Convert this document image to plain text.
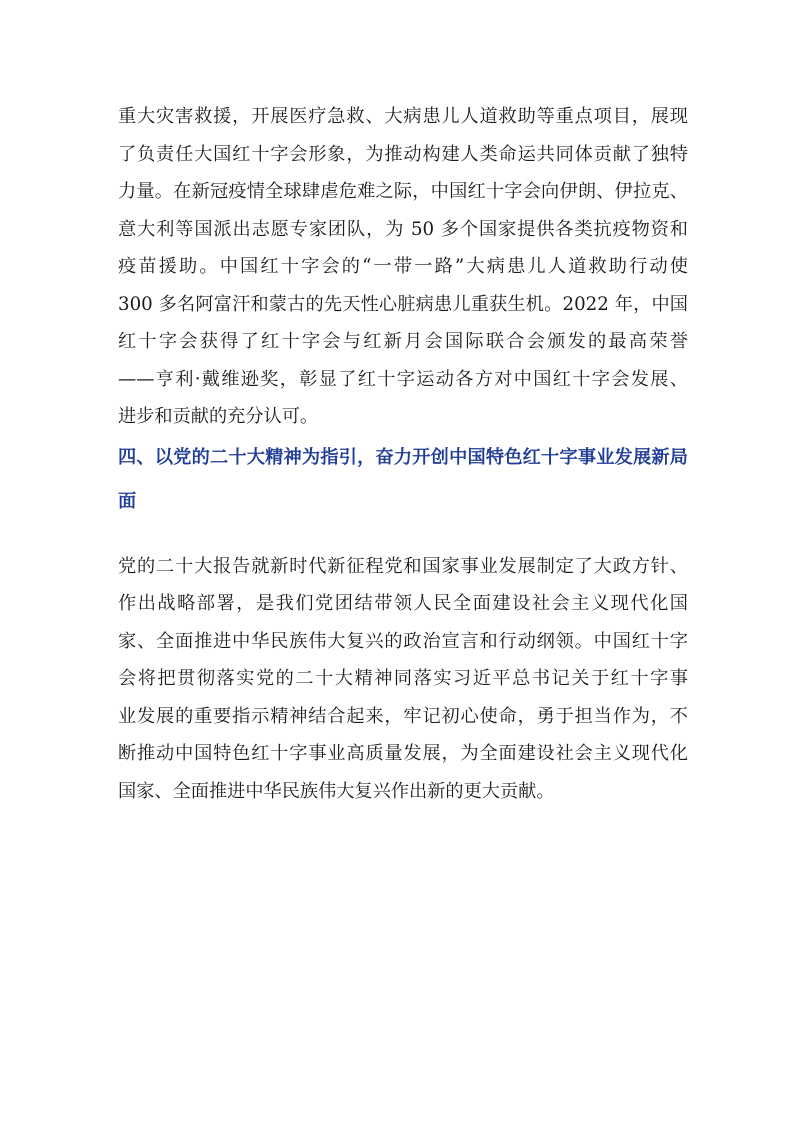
重大灾害救援，开展医疗急救、大病患儿人道救助等重点项目，展现
了负责任大国红十字会形象，为推动构建人类命运共同体贡献了独特
力量。在新冠疫情全球肆虐危难之际，中国红十字会向伊朗、伊拉克、
意大利等国派出志愿专家团队，为 50 多个国家提供各类抗疫物资和
疫苗援助。中国红十字会的“一带一路”大病患儿人道救助行动使
300 多名阿富汗和蒙古的先天性心脏病患儿重获生机。2022 年，中国
红十字会获得了红十字会与红新月会国际联合会颁发的最高荣誉
——亨利·戴维逊奖，彰显了红十字运动各方对中国红十字会发展、
进步和贡献的充分认可。

四、以党的二十大精神为指引，奋力开创中国特色红十字事业发展新局
面

党的二十大报告就新时代新征程党和国家事业发展制定了大政方针、
作出战略部署，是我们党团结带领人民全面建设社会主义现代化国
家、全面推进中华民族伟大复兴的政治宣言和行动纲领。中国红十字
会将把贯彻落实党的二十大精神同落实习近平总书记关于红十字事
业发展的重要指示精神结合起来，牢记初心使命，勇于担当作为，不
断推动中国特色红十字事业高质量发展，为全面建设社会主义现代化
国家、全面推进中华民族伟大复兴作出新的更大贡献。
